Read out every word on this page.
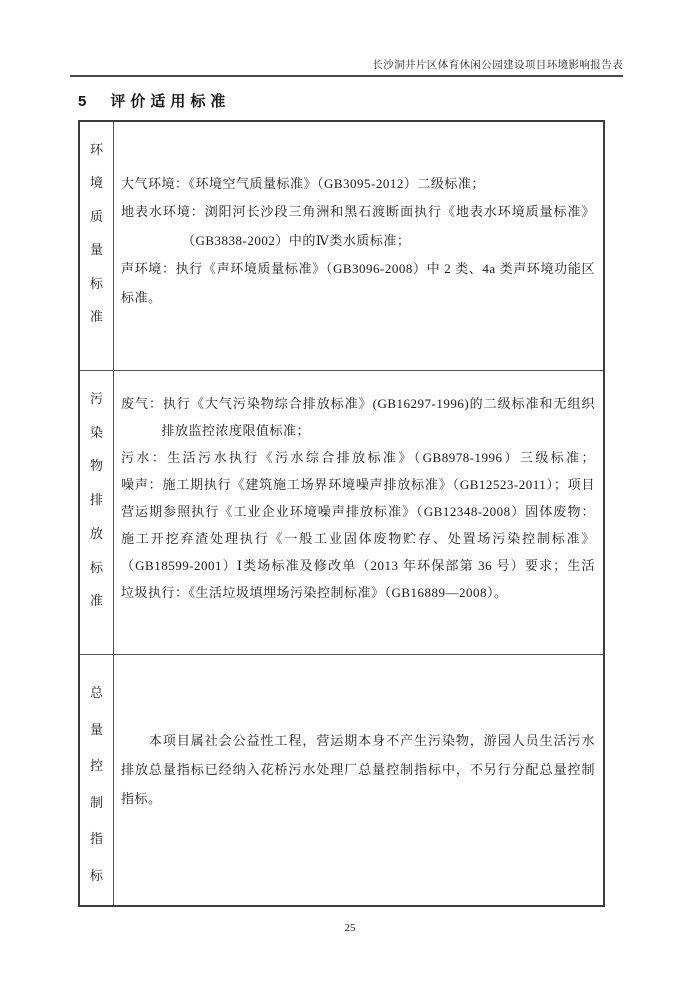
长沙洞井片区体育休闲公园建设项目环境影响报告表
5 评价适用标准
环
境
质
量
标
准
大气环境：《环境空气质量标准》（GB3095-2012）二级标准；
地表水环境：浏阳河长沙段三角洲和黑石渡断面执行《地表水环境质量标准》
　　　　　（GB3838-2002）中的Ⅳ类水质标准；
声环境：执行《声环境质量标准》（GB3096-2008）中 2 类、4a 类声环境功能区
标准。
污
染
物
排
放
标
准
废气：执行《大气污染物综合排放标准》(GB16297-1996)的二级标准和无组织
　　　排放监控浓度限值标准；
污水：生活污水执行《污水综合排放标准》（GB8978-1996）三级标准；
噪声：施工期执行《建筑施工场界环境噪声排放标准》（GB12523-2011）；项目
营运期参照执行《工业企业环境噪声排放标准》（GB12348-2008）固体废物：
施工开挖弃渣处理执行《一般工业固体废物贮存、处置场污染控制标准》
（GB18599-2001）Ⅰ类场标准及修改单（2013 年环保部第 36 号）要求；生活
垃圾执行：《生活垃圾填埋场污染控制标准》（GB16889—2008）。
总
量
控
制
指
标
　　本项目属社会公益性工程，营运期本身不产生污染物，游园人员生活污水
排放总量指标已经纳入花桥污水处理厂总量控制指标中，不另行分配总量控制
指标。
25
